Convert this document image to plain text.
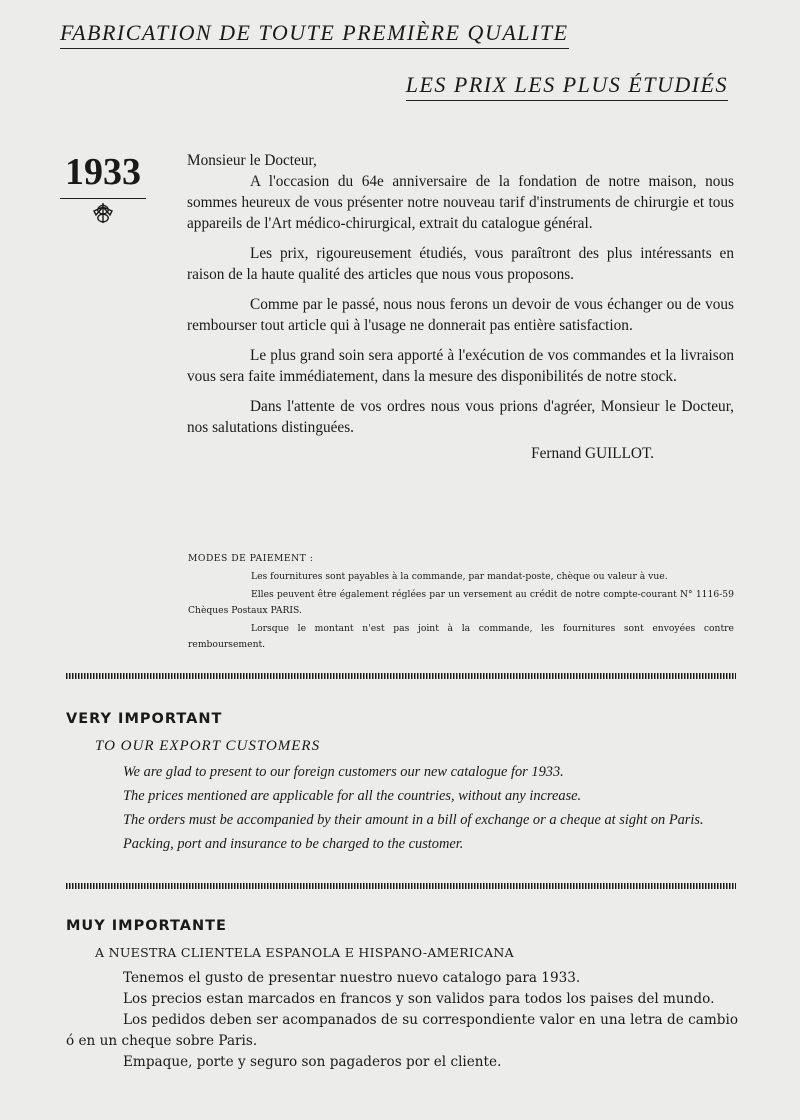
FABRICATION DE TOUTE PREMIÈRE QUALITE
LES PRIX LES PLUS ÉTUDIÉS
1933	Monsieur le Docteur,

A l'occasion du 64e anniversaire de la fondation de notre maison, nous sommes heureux de vous présenter notre nouveau tarif d'instruments de chirurgie et tous appareils de l'Art médico-chirurgical, extrait du catalogue général.

Les prix, rigoureusement étudiés, vous paraîtront des plus intéressants en raison de la haute qualité des articles que nous vous proposons.

Comme par le passé, nous nous ferons un devoir de vous échanger ou de vous rembourser tout article qui à l'usage ne donnerait pas entière satisfaction.

Le plus grand soin sera apporté à l'exécution de vos commandes et la livraison vous sera faite immédiatement, dans la mesure des disponibilités de notre stock.

Dans l'attente de vos ordres nous vous prions d'agréer, Monsieur le Docteur, nos salutations distinguées.

Fernand GUILLOT.

MODES DE PAIEMENT :

Les fournitures sont payables à la commande, par mandat-poste, chèque ou valeur à vue.

Elles peuvent être également réglées par un versement au crédit de notre compte-courant N° 1116-59 Chèques Postaux PARIS.

Lorsque le montant n'est pas joint à la commande, les fournitures sont envoyées contre remboursement.

VERY IMPORTANT
TO OUR EXPORT CUSTOMERS

We are glad to present to our foreign customers our new catalogue for 1933.

The prices mentioned are applicable for all the countries, without any increase.

The orders must be accompanied by their amount in a bill of exchange or a cheque at sight on Paris.

Packing, port and insurance to be charged to the customer.

MUY IMPORTANTE
A NUESTRA CLIENTELA ESPANOLA E HISPANO-AMERICANA

Tenemos el gusto de presentar nuestro nuevo catalogo para 1933.

Los precios estan marcados en francos y son validos para todos los paises del mundo.

Los pedidos deben ser acompanados de su correspondiente valor en una letra de cambio ó en un cheque sobre Paris.

Empaque, porte y seguro son pagaderos por el cliente.
